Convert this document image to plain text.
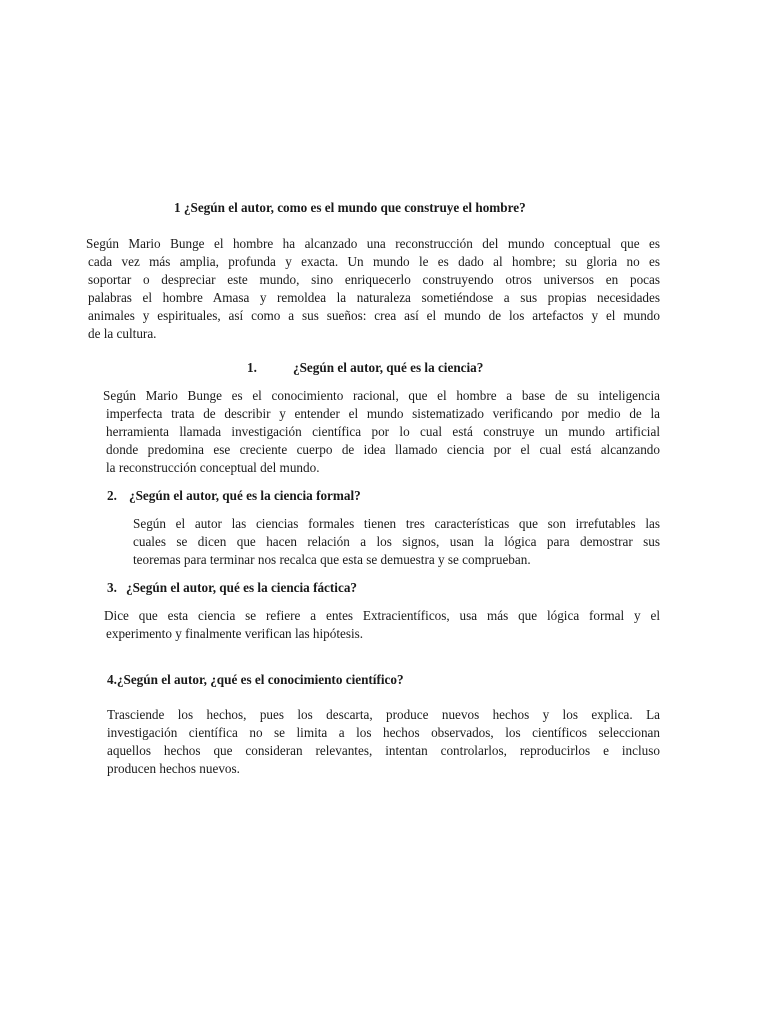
1 ¿Según el autor, como es el mundo que construye el hombre?
Según Mario Bunge el hombre ha alcanzado una reconstrucción del mundo conceptual que es
cada vez más amplia, profunda y exacta. Un mundo le es dado al hombre; su gloria no es
soportar o despreciar este mundo, sino enriquecerlo construyendo otros universos en pocas
palabras el hombre Amasa y remoldea la naturaleza sometiéndose a sus propias necesidades
animales y espirituales, así como a sus sueños: crea así el mundo de los artefactos y el mundo
de la cultura.
1.	¿Según el autor, qué es la ciencia?
Según Mario Bunge es el conocimiento racional, que el hombre a base de su inteligencia
imperfecta trata de describir y entender el mundo sistematizado verificando por medio de la
herramienta llamada investigación científica por lo cual está construye un mundo artificial
donde predomina ese creciente cuerpo de idea llamado ciencia por el cual está alcanzando
la reconstrucción conceptual del mundo.
2. ¿Según el autor, qué es la ciencia formal?
Según el autor las ciencias formales tienen tres características que son irrefutables las
cuales se dicen que hacen relación a los signos, usan la lógica para demostrar sus
teoremas para terminar nos recalca que esta se demuestra y se comprueban.
3. ¿Según el autor, qué es la ciencia fáctica?
Dice que esta ciencia se refiere a entes Extracientíficos, usa más que lógica formal y el
experimento y finalmente verifican las hipótesis.
4.¿Según el autor, ¿qué es el conocimiento científico?
Trasciende los hechos, pues los descarta, produce nuevos hechos y los explica. La
investigación científica no se limita a los hechos observados, los científicos seleccionan
aquellos hechos que consideran relevantes, intentan controlarlos, reproducirlos e incluso
producen hechos nuevos.
